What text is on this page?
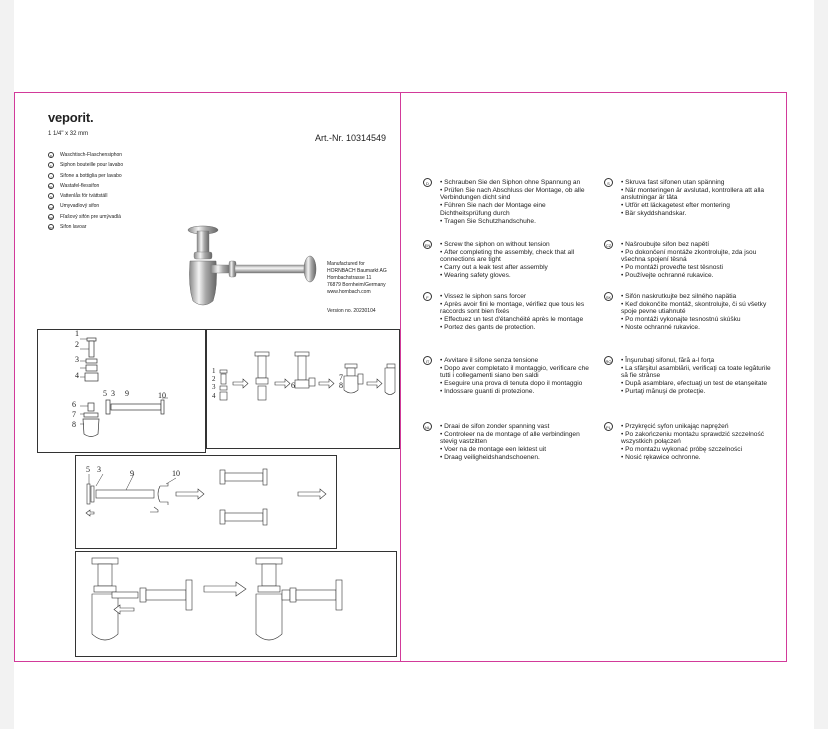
veporit.
1 1/4" x 32 mm	Art.-Nr. 10314549
D	Waschtisch-Flaschensiphon
F	Siphon bouteille pour lavabo
I	Sifone a bottiglia per lavabo
NL Wastafel-flessifon
S	Vattenlås för tvättställ
CZ Umyvadlový sifon
SK Fľašový sifón pre umývadlá
RO Sifon lavoar
Manufactured for
HORNBACH Baumarkt AG
Hornbachstrasse 11
76879 Bornheim/Germany
www.hornbach.com
Version no. 20230104
1
2
3
4
5 3 9	10
6
7
8
1
2
3
4
6
7
8
5 3	9	10
D	• Schrauben Sie den Siphon ohne Spannung an
• Prüfen Sie nach Abschluss der Montage, ob alle Verbindungen dicht sind
• Führen Sie nach der Montage eine Dichtheitsprüfung durch
• Tragen Sie Schutzhandschuhe.
EN	• Screw the siphon on without tension
• After completing the assembly, check that all connections are tight
• Carry out a leak test after assembly
• Wearing safety gloves.
F	• Vissez le siphon sans forcer
• Après avoir fini le montage, vérifiez que tous les raccords sont bien fixés
• Effectuez un test d'étanchéité après le montage
• Portez des gants de protection.
IT	• Avvitare il sifone senza tensione
• Dopo aver completato il montaggio, verificare che tutti i collegamenti siano ben saldi
• Eseguire una prova di tenuta dopo il montaggio
• Indossare guanti di protezione.
NL	• Draai de sifon zonder spanning vast
• Controleer na de montage of alle verbindingen stevig vastzitten
• Voer na de montage een lektest uit
• Draag veiligheidshandschoenen.
S	• Skruva fast sifonen utan spänning
• När monteringen är avslutad, kontrollera att alla anslutningar är täta
• Utför ett läckagetest efter montering
• Bär skyddshandskar.
CZ	• Našroubujte sifon bez napětí
• Po dokončení montáže zkontrolujte, zda jsou všechna spojení těsná
• Po montáži proveďte test těsnosti
• Používejte ochranné rukavice.
SK	• Sifón naskrutkujte bez silného napätia
• Keď dokončíte montáž, skontrolujte, či sú všetky spoje pevne utiahnuté
• Po montáži vykonajte tesnostnú skúšku
• Noste ochranné rukavice.
RO	• Înşurubaţi sifonul, fără a-l forţa
• La sfârşitul asamblării, verificaţi ca toate legăturile să fie strânse
• După asamblare, efectuaţi un test de etanşeitate
• Purtaţi mănuşi de protecţie.
PL	• Przykręcić syfon unikając naprężeń
• Po zakończeniu montażu sprawdzić szczelność wszystkich połączeń
• Po montażu wykonać próbę szczelności
• Nosić rękawice ochronne.
